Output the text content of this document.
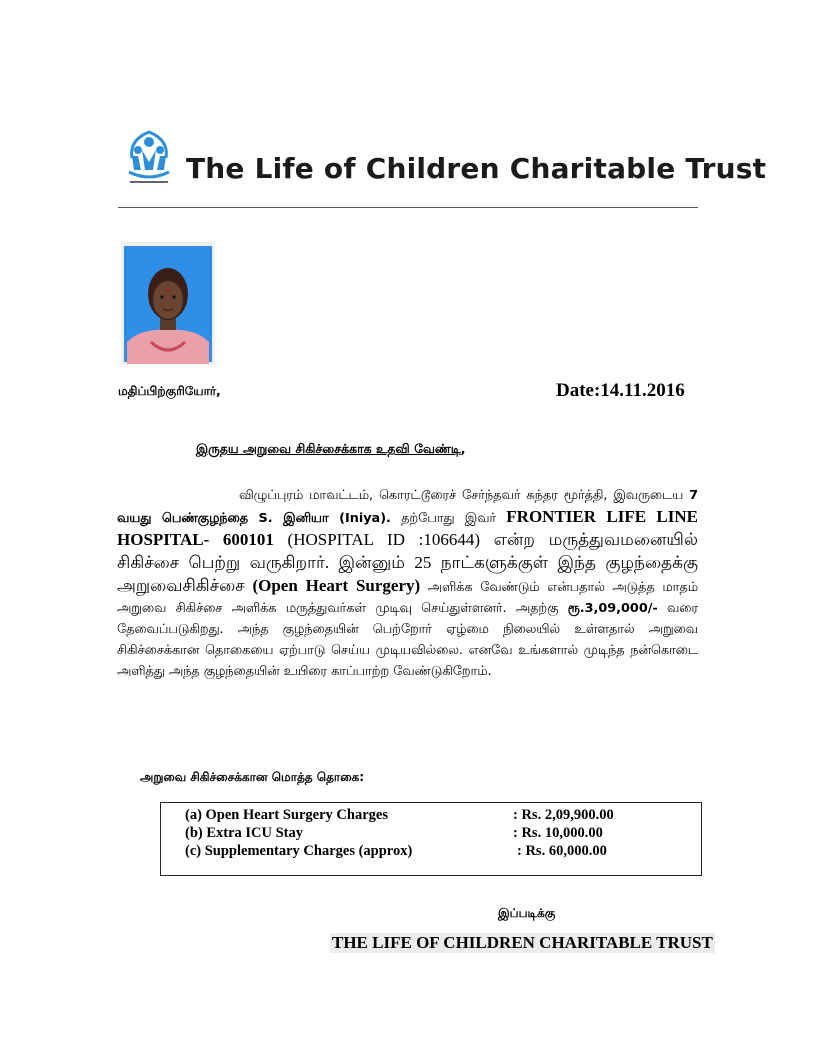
The Life of Children Charitable Trust
மதிப்பிற்குரியோர்,	Date:14.11.2016
இருதய அறுவை சிகிச்சைக்காக உதவி வேண்டி,
விழுப்புரம் மாவட்டம், கொரட்டூரைச் சேர்ந்தவர் சுந்தர மூர்த்தி, இவருடைய 7 வயது பெண்குழந்தை S. இனியா (Iniya). தற்போது இவர் FRONTIER LIFE LINE HOSPITAL- 600101 (HOSPITAL ID :106644) என்ற மருத்துவமனையில் சிகிச்சை பெற்று வருகிறார். இன்னும் 25 நாட்களுக்குள் இந்த குழந்தைக்கு அறுவைசிகிச்சை (Open Heart Surgery) அளிக்க வேண்டும் என்பதால் அடுத்த மாதம் அறுவை சிகிச்சை அளிக்க மருத்துவர்கள் முடிவு செய்துள்ளனர். அதற்கு ரூ.3,09,000/- வரை தேவைப்படுகிறது. அந்த குழந்தையின் பெற்றோர் ஏழ்மை நிலையில் உள்ளதால் அறுவை சிகிச்சைக்கான தொகையை ஏற்பாடு செய்ய முடியவில்லை. எனவே உங்களால் முடிந்த நன்கொடை அளித்து அந்த குழந்தையின் உயிரை காப்பாற்ற வேண்டுகிறோம்.
அறுவை சிகிச்சைக்கான மொத்த தொகை:
(a) Open Heart Surgery Charges	: Rs. 2,09,900.00
(b) Extra ICU Stay	: Rs. 10,000.00
(c) Supplementary Charges (approx)	: Rs. 60,000.00
இப்படிக்கு
THE LIFE OF CHILDREN CHARITABLE TRUST
